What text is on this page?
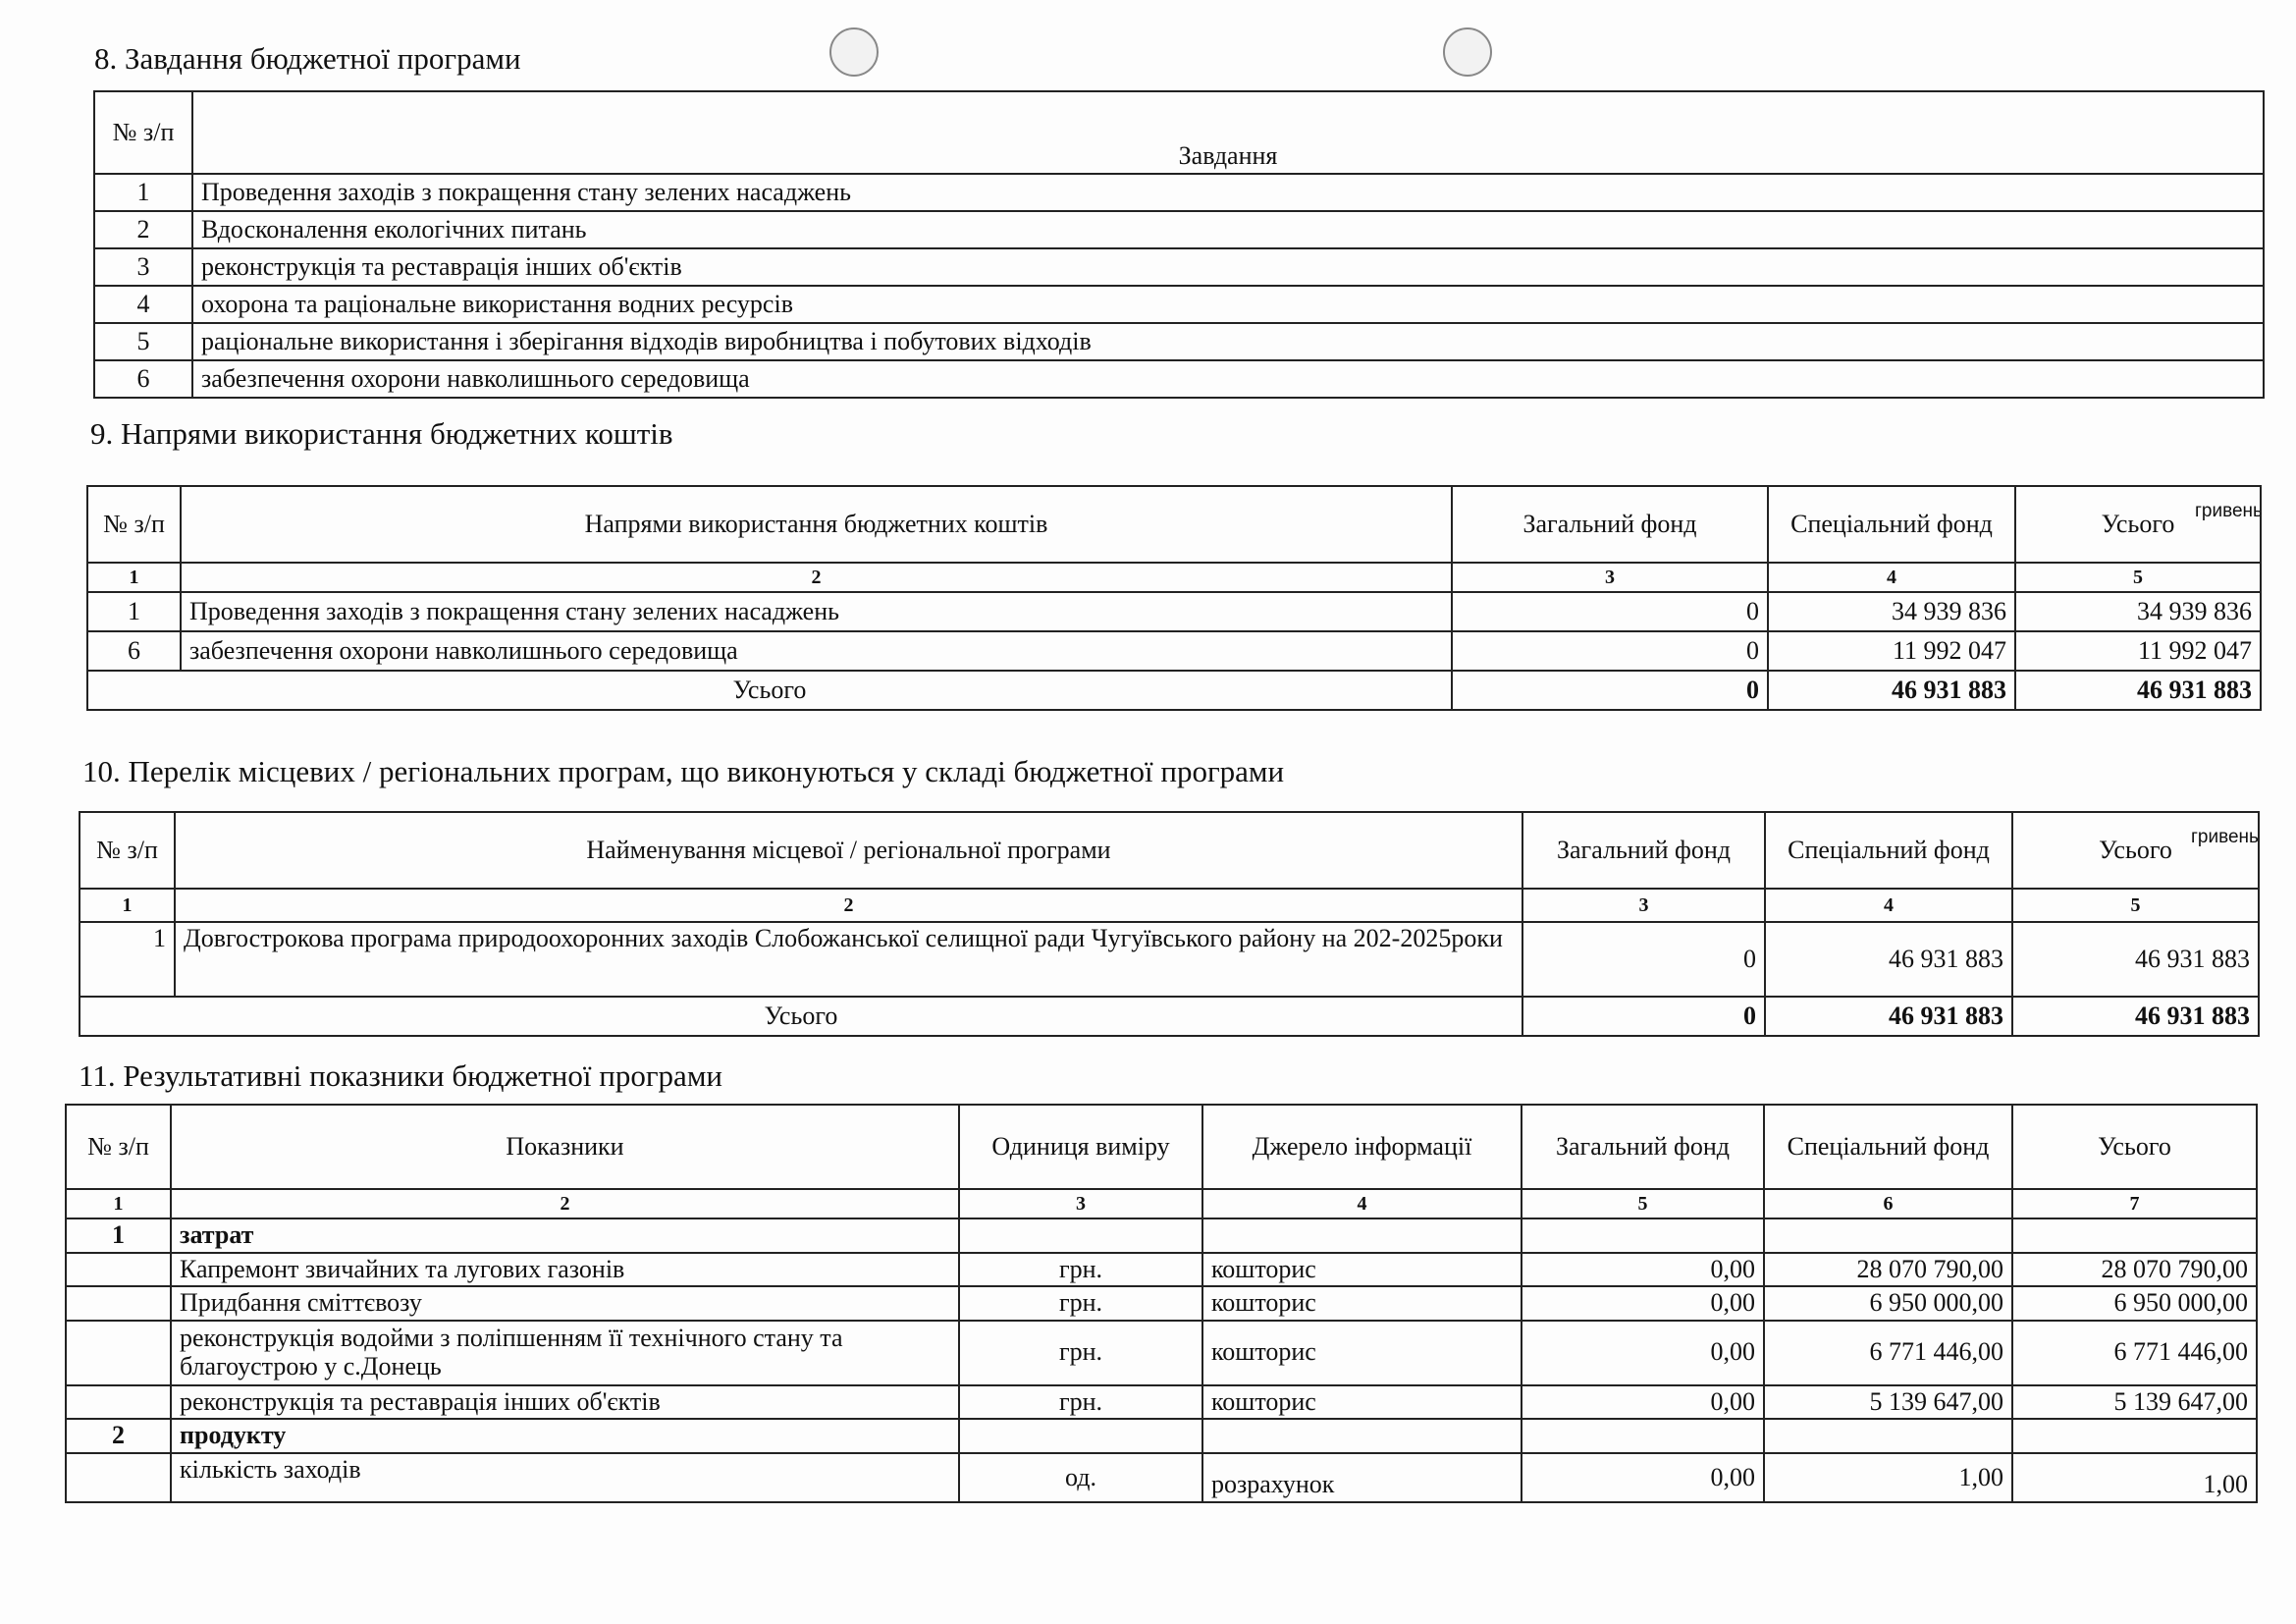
8. Завдання бюджетної програми
№ з/п	Завдання
1	Проведення заходів з покращення стану зелених насаджень
2	Вдосконалення екологічних питань
3	реконструкція та реставрація інших об'єктів
4	охорона та раціональне використання водних ресурсів
5	раціональне використання і зберігання відходів виробництва і побутових відходів
6	забезпечення охорони навколишнього середовища
9. Напрями використання бюджетних коштів
гривень
№ з/п	Напрями використання бюджетних коштів	Загальний фонд	Спеціальний фонд	Усього
1	2	3	4	5
1	Проведення заходів з покращення стану зелених насаджень	0	34 939 836	34 939 836
6	забезпечення охорони навколишнього середовища	0	11 992 047	11 992 047
Усього		0	46 931 883	46 931 883
10. Перелік місцевих / регіональних програм, що виконуються у складі бюджетної програми
гривень
№ з/п	Найменування місцевої / регіональної програми	Загальний фонд	Спеціальний фонд	Усього
1	2	3	4	5
1	Довгострокова програма природоохоронних заходів Слобожанської селищної ради Чугуївського району на 202-2025роки	0	46 931 883	46 931 883
Усього		0	46 931 883	46 931 883
11. Результативні показники бюджетної програми
№ з/п	Показники	Одиниця виміру	Джерело інформації	Загальний фонд	Спеціальний фонд	Усього
1	2	3	4	5	6	7
1	затрат					
	Капремонт звичайних та лугових газонів	грн.	кошторис	0,00	28 070 790,00	28 070 790,00
	Придбання сміттєвозу	грн.	кошторис	0,00	6 950 000,00	6 950 000,00
	реконструкція водойми з поліпшенням її технічного стану та благоустрою у с.Донець	грн.	кошторис	0,00	6 771 446,00	6 771 446,00
	реконструкція та реставрація інших об'єктів	грн.	кошторис	0,00	5 139 647,00	5 139 647,00
2	продукту					
	кількість заходів	од.	розрахунок	0,00	1,00	1,00
